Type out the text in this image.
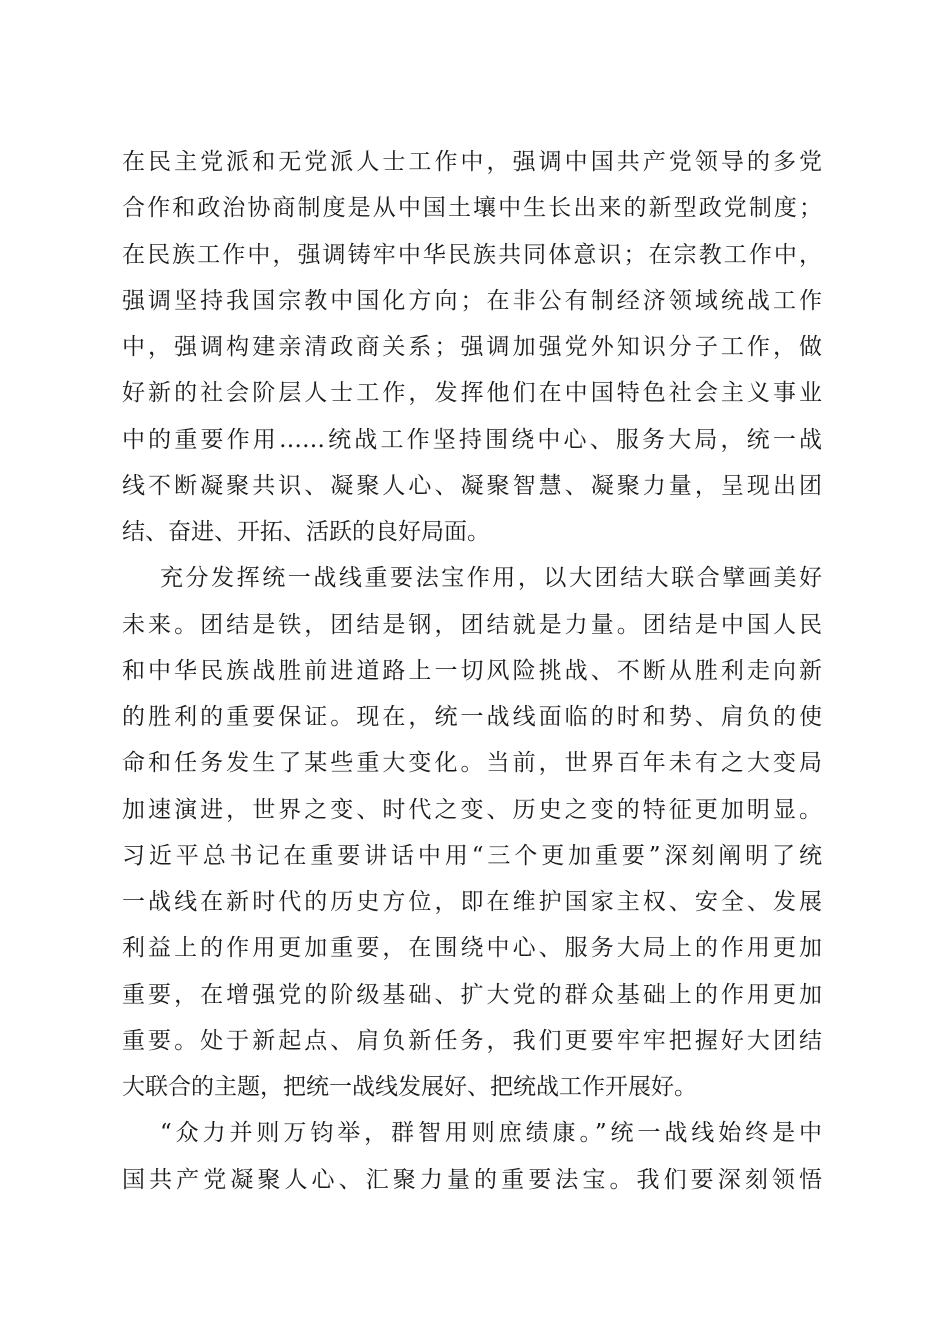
在民主党派和无党派人士工作中，强调中国共产党领导的多党
合作和政治协商制度是从中国土壤中生长出来的新型政党制度；
在民族工作中，强调铸牢中华民族共同体意识；在宗教工作中，
强调坚持我国宗教中国化方向；在非公有制经济领域统战工作
中，强调构建亲清政商关系；强调加强党外知识分子工作，做
好新的社会阶层人士工作，发挥他们在中国特色社会主义事业
中的重要作用……统战工作坚持围绕中心、服务大局，统一战
线不断凝聚共识、凝聚人心、凝聚智慧、凝聚力量，呈现出团
结、奋进、开拓、活跃的良好局面。
充分发挥统一战线重要法宝作用，以大团结大联合擘画美好
未来。团结是铁，团结是钢，团结就是力量。团结是中国人民
和中华民族战胜前进道路上一切风险挑战、不断从胜利走向新
的胜利的重要保证。现在，统一战线面临的时和势、肩负的使
命和任务发生了某些重大变化。当前，世界百年未有之大变局
加速演进，世界之变、时代之变、历史之变的特征更加明显。
习近平总书记在重要讲话中用“三个更加重要”深刻阐明了统
一战线在新时代的历史方位，即在维护国家主权、安全、发展
利益上的作用更加重要，在围绕中心、服务大局上的作用更加
重要，在增强党的阶级基础、扩大党的群众基础上的作用更加
重要。处于新起点、肩负新任务，我们更要牢牢把握好大团结
大联合的主题，把统一战线发展好、把统战工作开展好。
“众力并则万钧举，群智用则庶绩康。”统一战线始终是中
国共产党凝聚人心、汇聚力量的重要法宝。我们要深刻领悟
